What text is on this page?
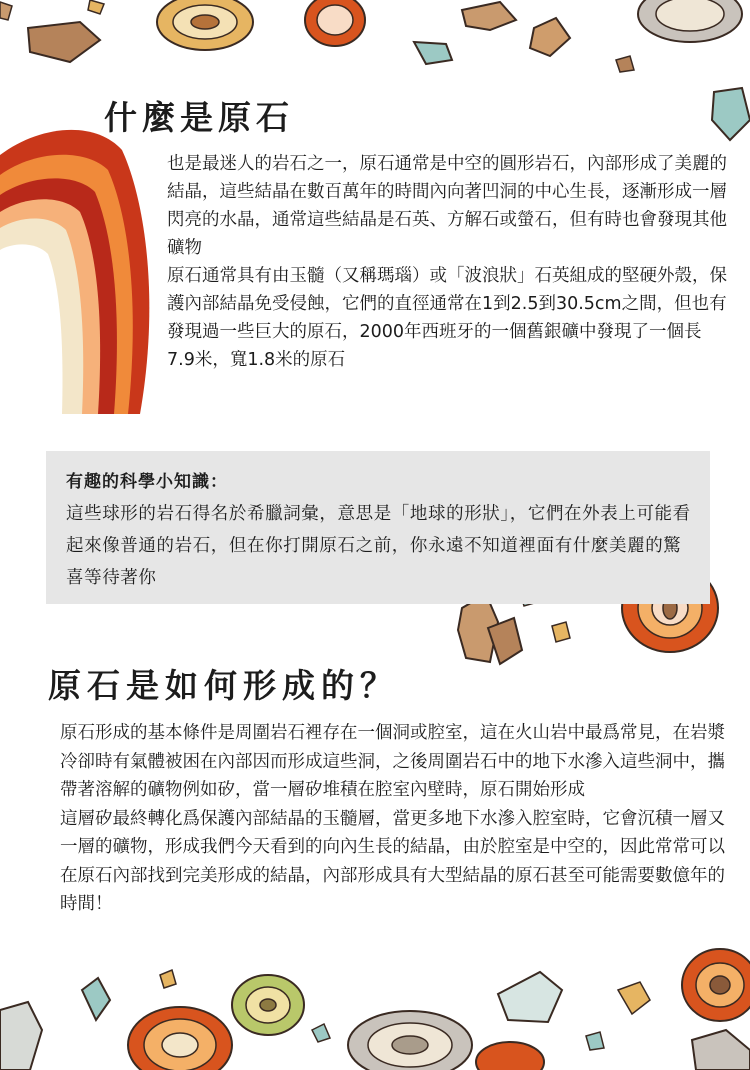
什麼是原石

也是最迷人的岩石之一，原石通常是中空的圓形岩石，內部形成了美麗的結晶，這些結晶在數百萬年的時間內向著凹洞的中心生長，逐漸形成一層閃亮的水晶，通常這些結晶是石英、方解石或螢石，但有時也會發現其他礦物

原石通常具有由玉髓（又稱瑪瑙）或「波浪狀」石英組成的堅硬外殼，保護內部結晶免受侵蝕，它們的直徑通常在1到2.5到30.5cm之間，但也有發現過一些巨大的原石，2000年西班牙的一個舊銀礦中發現了一個長7.9米，寬1.8米的原石

有趣的科學小知識：

這些球形的岩石得名於希臘詞彙，意思是「地球的形狀」，它們在外表上可能看起來像普通的岩石，但在你打開原石之前，你永遠不知道裡面有什麼美麗的驚喜等待著你

原石是如何形成的？

原石形成的基本條件是周圍岩石裡存在一個洞或腔室，這在火山岩中最爲常見，在岩漿冷卻時有氣體被困在內部因而形成這些洞，之後周圍岩石中的地下水滲入這些洞中，攜帶著溶解的礦物例如矽，當一層矽堆積在腔室內壁時，原石開始形成

這層矽最終轉化爲保護內部結晶的玉髓層，當更多地下水滲入腔室時，它會沉積一層又一層的礦物，形成我們今天看到的向內生長的結晶，由於腔室是中空的，因此常常可以在原石內部找到完美形成的結晶，內部形成具有大型結晶的原石甚至可能需要數億年的時間！
